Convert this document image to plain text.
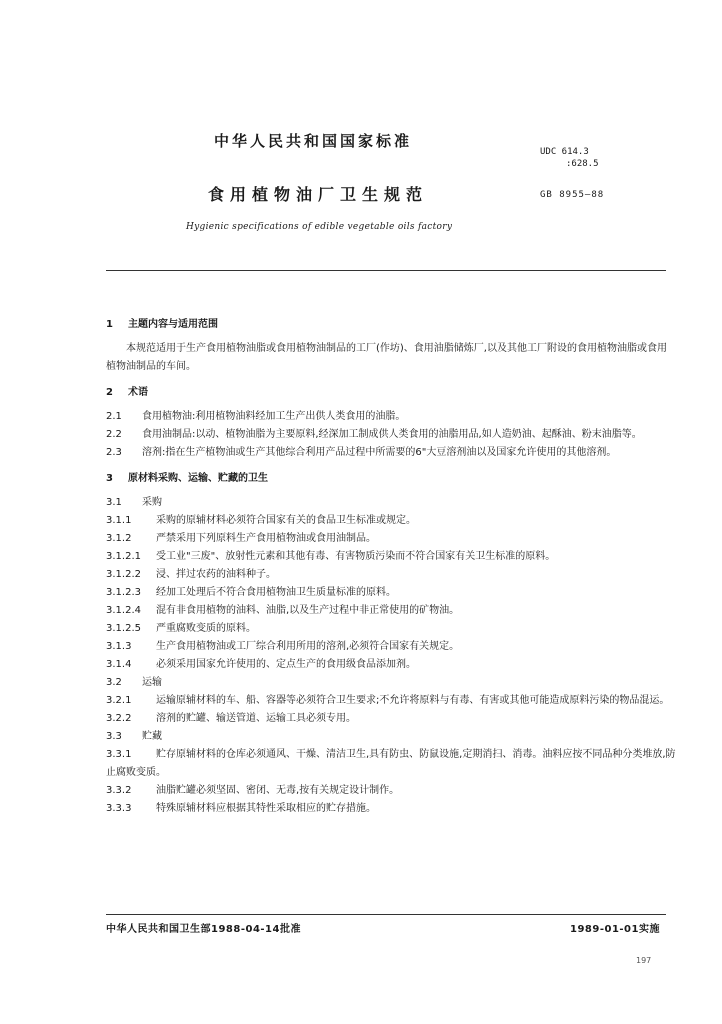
中华人民共和国国家标准
食用植物油厂卫生规范
Hygienic specifications of edible vegetable oils factory
UDC 614.3
:628.5
GB 8955—88

1 主题内容与适用范围

本规范适用于生产食用植物油脂或食用植物油制品的工厂(作坊)、食用油脂储炼厂,以及其他工厂附设的食用植物油脂或食用植物油制品的车间。

2 术语

2.1 食用植物油:利用植物油料经加工生产出供人类食用的油脂。

2.2 食用油制品:以动、植物油脂为主要原料,经深加工制成供人类食用的油脂用品,如人造奶油、起酥油、粉末油脂等。

2.3 溶剂:指在生产植物油或生产其他综合利用产品过程中所需要的6"大豆溶剂油以及国家允许使用的其他溶剂。

3 原材料采购、运输、贮藏的卫生

3.1 采购

3.1.1 采购的原辅材料必须符合国家有关的食品卫生标准或规定。

3.1.2 严禁采用下列原料生产食用植物油或食用油制品。

3.1.2.1 受工业"三废"、放射性元素和其他有毒、有害物质污染而不符合国家有关卫生标准的原料。

3.1.2.2 浸、拌过农药的油料种子。

3.1.2.3 经加工处理后不符合食用植物油卫生质量标准的原料。

3.1.2.4 混有非食用植物的油料、油脂,以及生产过程中非正常使用的矿物油。

3.1.2.5 严重腐败变质的原料。

3.1.3 生产食用植物油或工厂综合利用所用的溶剂,必须符合国家有关规定。

3.1.4 必须采用国家允许使用的、定点生产的食用级食品添加剂。

3.2 运输

3.2.1 运输原辅材料的车、船、容器等必须符合卫生要求;不允许将原料与有毒、有害或其他可能造成原料污染的物品混运。

3.2.2 溶剂的贮罐、输送管道、运输工具必须专用。

3.3 贮藏

3.3.1 贮存原辅材料的仓库必须通风、干燥、清洁卫生,具有防虫、防鼠设施,定期消扫、消毒。油料应按不同品种分类堆放,防止腐败变质。

3.3.2 油脂贮罐必须坚固、密闭、无毒,按有关规定设计制作。

3.3.3 特殊原辅材料应根据其特性采取相应的贮存措施。

中华人民共和国卫生部1988-04-14批准	1989-01-01实施
197
